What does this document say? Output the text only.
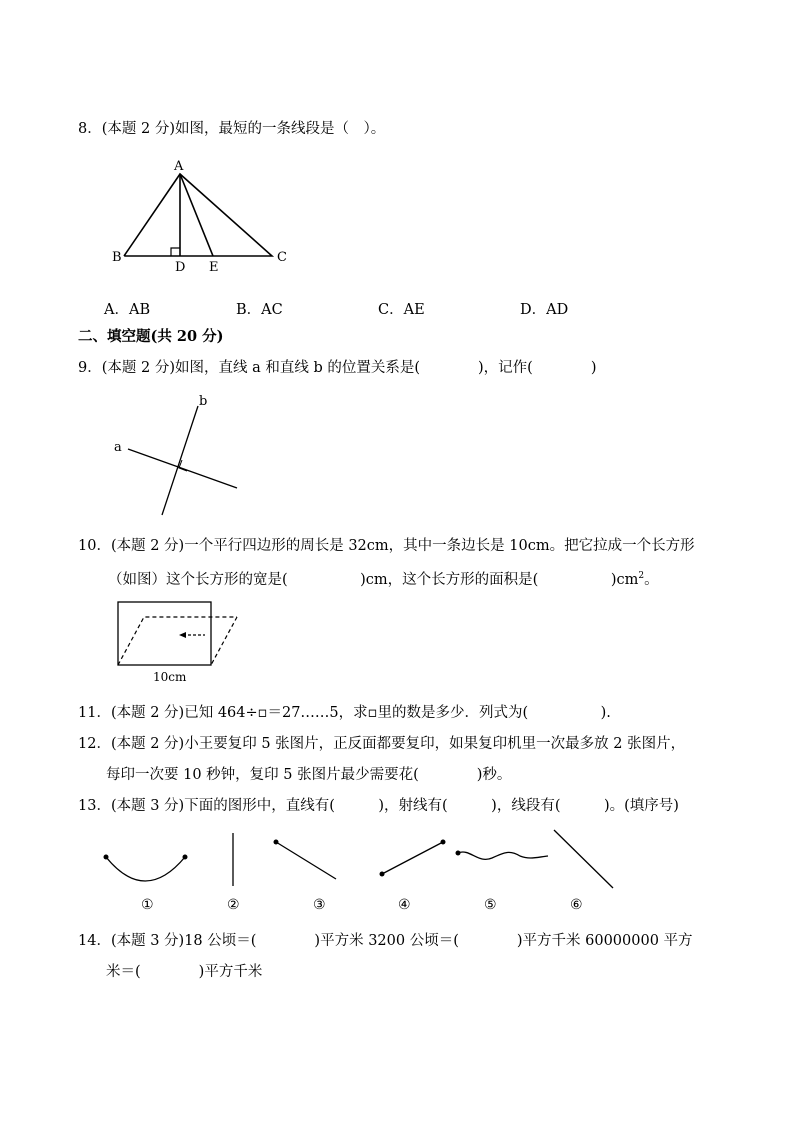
8．(本题 2 分)如图，最短的一条线段是（　）。
A
B	C
D E
A．AB	B．AC	C．AE	D．AD
二、填空题(共 20 分)
9．(本题 2 分)如图，直线 a 和直线 b 的位置关系是(　　　　)，记作(　　　　)
a
b
10．(本题 2 分)一个平行四边形的周长是 32cm，其中一条边长是 10cm。把它拉成一个长方形
（如图）这个长方形的宽是(　　　　　)cm，这个长方形的面积是(　　　　　)$cm^2$。
10cm
11．(本题 2 分)已知 464÷▫＝27……5，求▫里的数是多少．列式为(　　　　　).
12．(本题 2 分)小王要复印 5 张图片，正反面都要复印，如果复印机里一次最多放 2 张图片，
每印一次要 10 秒钟，复印 5 张图片最少需要花(　　　　)秒。
13．(本题 3 分)下面的图形中，直线有(　　　)，射线有(　　　)，线段有(　　　)。(填序号)
①	②	③	④	⑤	⑥
14．(本题 3 分)18 公顷＝(　　　　)平方米 3200 公顷＝(　　　　)平方千米 60000000 平方
米＝(　　　　)平方千米
